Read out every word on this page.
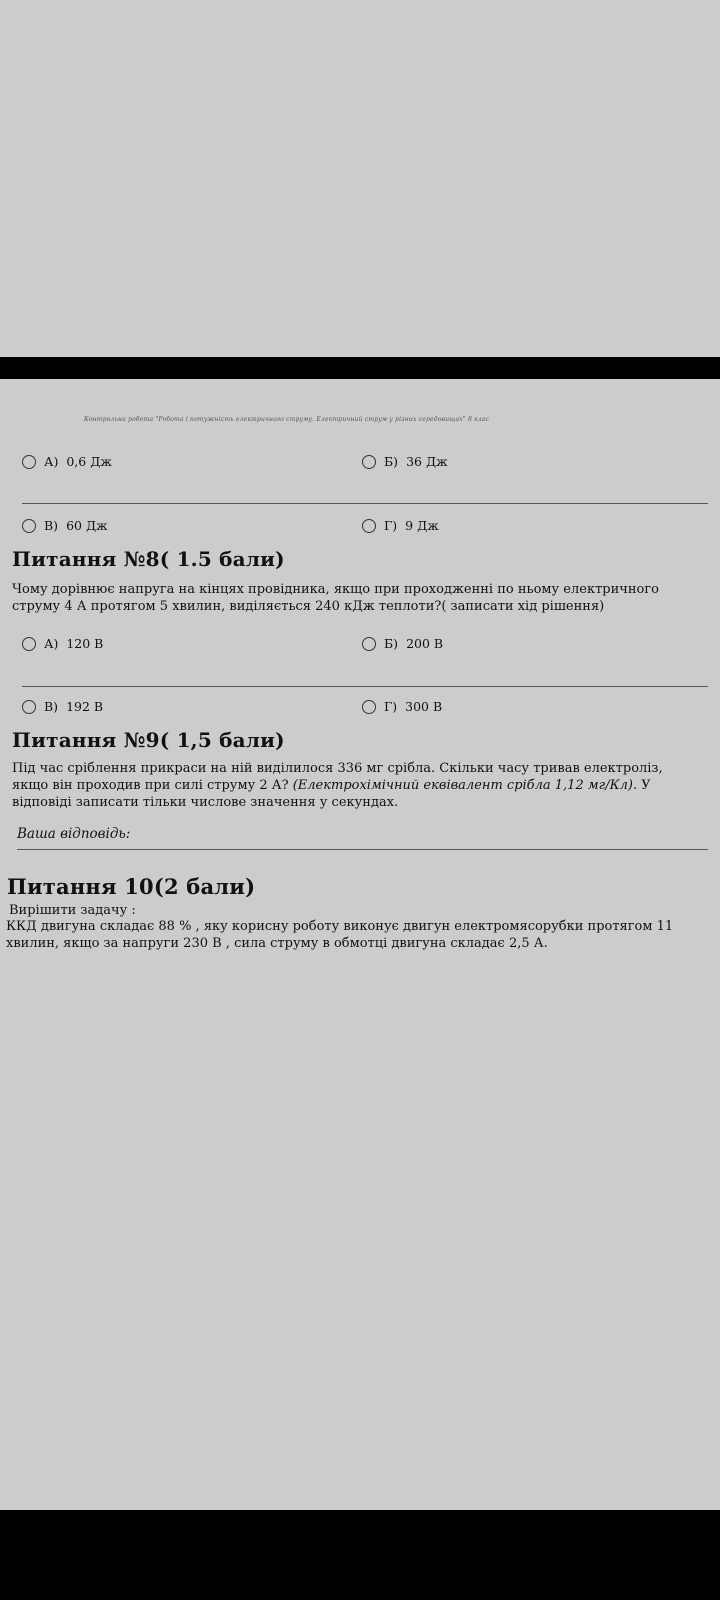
Контрольна робота "Робота і потужність електричного струму. Електричний струм у різних середовищах" 8 клас
А) 0,6 Дж	Б) 36 Дж
В) 60 Дж	Г) 9 Дж
Питання №8( 1.5 бали)
Чому дорівнює напруга на кінцях провідника, якщо при проходженні по ньому електричного струму 4 А протягом 5 хвилин, виділяється 240 кДж теплоти?( записати хід рішення)
А) 120 В	Б) 200 В
В) 192 В	Г) 300 В
Питання №9( 1,5 бали)
Під час сріблення прикраси на ній виділилося 336 мг срібла. Скільки часу тривав електроліз, якщо він проходив при силі струму 2 А? (Електрохімічний еквівалент срібла 1,12 мг/Кл). У відповіді записати тільки числове значення у секундах.
Ваша відповідь:
Питання 10(2 бали)
Вирішити задачу :
ККД двигуна складає 88 % , яку корисну роботу виконує двигун електромясорубки протягом 11 хвилин, якщо за напруги 230 В , сила струму в обмотці двигуна складає 2,5 А.
